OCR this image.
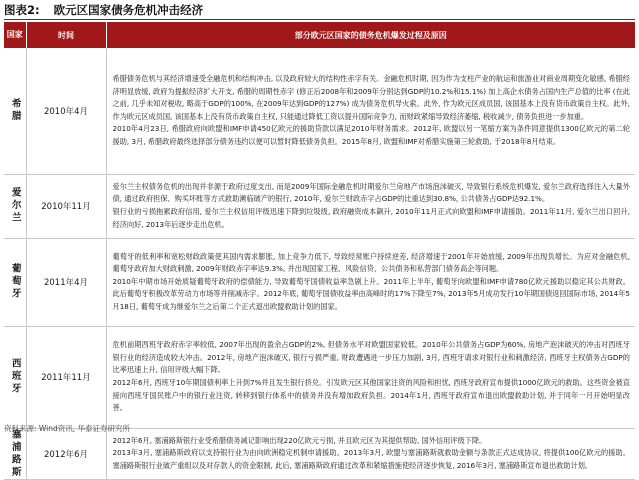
图表2: 欧元区国家债务危机冲击经济
国家	时间	部分欧元区国家的债务危机爆发过程及原因
希腊	2010年4月	希腊债务危机与其经济增速受全融危机和结构冲击, 以及政府较大的结构性赤字有关。金融危机时期, 因为作为支柱产业的航运和旅游业对商业周期变化敏感, 希腊经济明显放缓, 政府为提振经济扩大开支, 希腊的周期性赤字 (修正后2008年和2009年分别达到GDP的10.2%和15.1%) 加上高企水债务占国内生产总值的比率 (在此之前, 几乎未知对税收, 略高于GDP的100%, 在2009年达到GDP的127%) 成为债务危机导火索。此外, 作为欧元区成员国, 该国基本上没有货币政策自主权。此外, 作为欧元区成员国, 该国基本上没有货币政策自主权, 只能通过降低工资以提升国际竞争力, 而财政紧缩导致经济萎缩, 税收减少, 债务负担进一步加重。
2010年4月23日, 希腊政府向欧盟和IMF申请450亿欧元的援助贷款以满足2010年财务需求。2012年, 欧盟以另一笔缩方案为条件同意提供1300亿欧元的第二轮援助, 3月, 希腊政府最终选择部分债务违约以便可以暂时降低债务负担。2015年8月, 欧盟和IMF对希腊实施第三轮救助, 于2018年8月结束。
爱尔兰	2010年11月	爱尔兰主权债务危机的出现并非源于政府过度支出, 而是2009年国际金融危机时期爱尔兰房地产市场泡沫破灭, 导致银行系统危机爆发, 爱尔兰政府选择注入大量外债, 通过政府担保、购买坏账等方式救助濒临破产的银行, 2010年, 爱尔兰财政赤字占GDP的比重达到30.8%, 公共债务占GDP达92.1%。
银行业的亏损拖累政府信用, 爱尔兰主权信用评级迅速下降到垃圾级, 政府融资成本飙升, 2010年11月正式向欧盟和IMF申请援助。2011年11月, 爱尔兰出口回升, 经济向好, 2013年后逐步走出危机。
葡萄牙	2011年4月	葡萄牙的低利率和宽松财政政策使其国内需求膨胀, 加上竞争力低下, 导致经常账户持续逆差, 经济增速于2001年开始放缓, 2009年出现负增长。为应对金融危机, 葡萄牙政府加大财政刺激, 2009年财政赤字率达9.3%, 并出现国家工程、风险信贷、公共债务和私营部门债务高企等问题。
2010年中期市场开始质疑葡萄牙政府的偿债能力, 导致葡萄牙国债收益率急剧上升。2011年上半年, 葡萄牙向欧盟和IMF申请780亿欧元援助以稳定其公共财政。此后葡萄牙积极改革劳动力市场等并削减赤字。2012年底, 葡萄牙国债收益率由高峰时的17%下降至7%, 2013年5月成功发行10年期国债返回国际市场, 2014年5月18日, 葡萄牙成为继爱尔兰之后第二个正式退出欧盟救助计划的国家。
西班牙	2011年11月	危机前期西班牙政府赤字率较低, 2007年出现的盈余占GDP的2%, 但债务水平对欧盟国家较低。2010年公共债务占GDP为60%, 房地产泡沫破灭的冲击对西班牙银行业的经济造成较大冲击。2012年, 房地产泡沫破灭, 银行亏损严重, 财政遭遇进一步压力加剧, 3月, 西班牙请求对银行业和刺激经济, 西班牙主权债务占GDP的比率迅速上升, 信用评级大幅下降。
2012年6月, 西班牙10年期国债利率上升到7%并且发生银行挤兑。引发欧元区其他国家注资的风险和担忧, 西班牙政府宣布提供1000亿欧元的救助。这些资金被直接向西班牙国民账户中的银行业注资, 转移到银行体系中的债务并没有增加政府负担。2014年1月, 西班牙政府宣布退出欧盟救助计划, 并于同年一月开始明显改善。
塞浦路斯	2012年6月	2012年6月, 塞浦路斯银行业受希腊债务减记影响出现220亿欧元亏损, 并且欧元区为其提供帮助, 国外信用评级下降。
2013年3月, 塞浦路斯政府以支持银行业为由向欧洲稳定机制申请援助。2013年3月, 欧盟与塞浦路斯就救助金额与条款正式达成协议, 将提供100亿欧元的援助。塞浦路斯银行业破产重组以及对存款人的资金限制, 此后, 塞浦路斯政府通过改革和紧缩措施使经济逐步恢复, 2016年3月, 塞浦路斯宣布退出救助计划。
资料来源: Wind资讯, 华泰证券研究所
